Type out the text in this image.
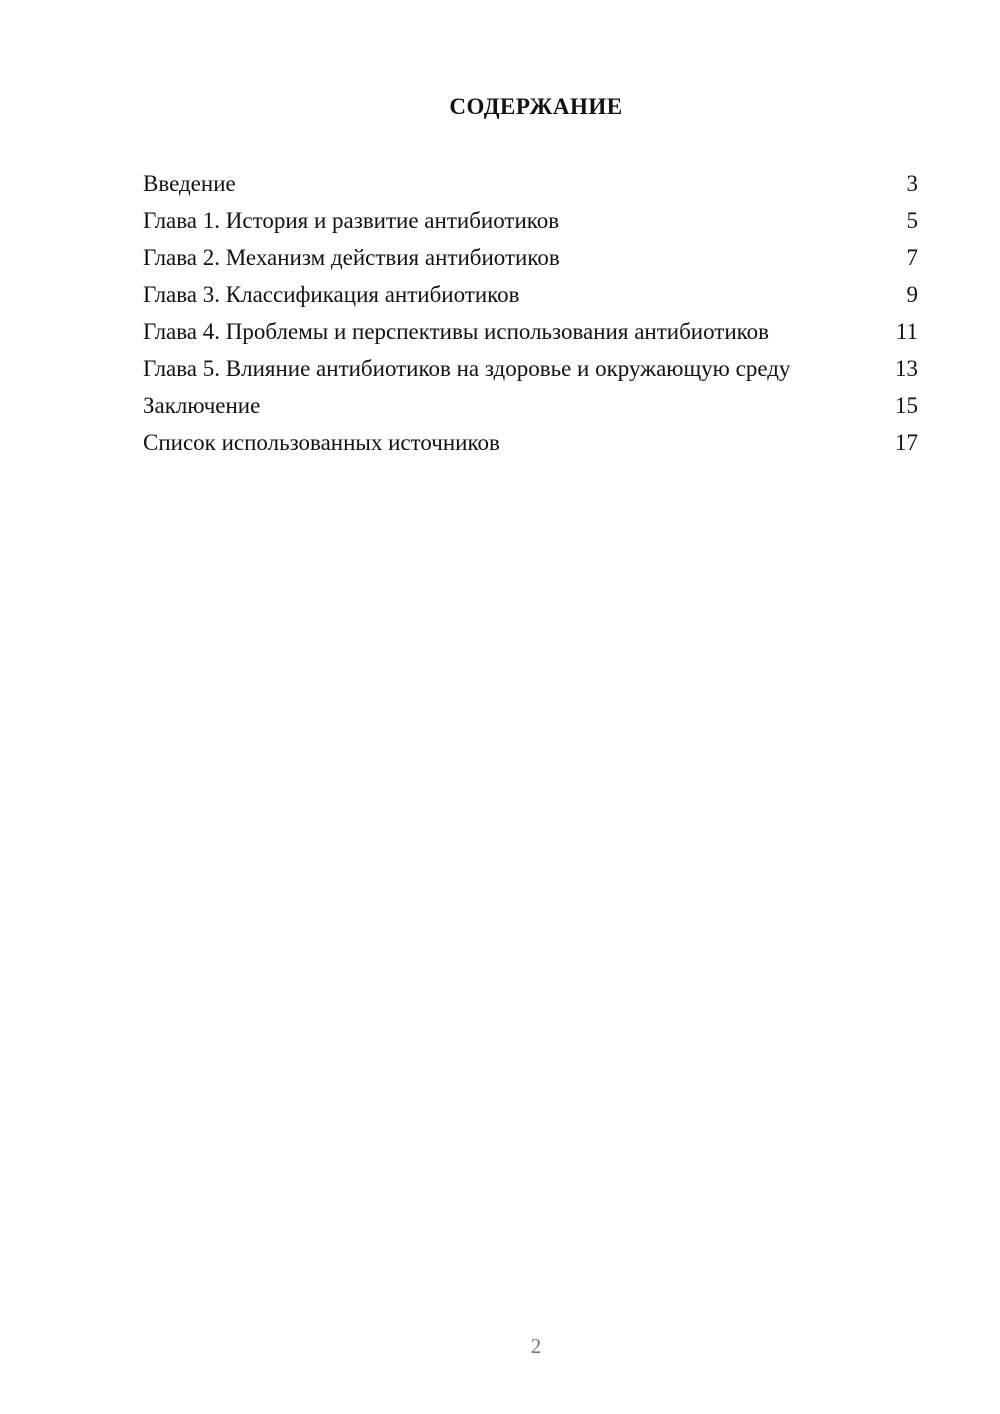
СОДЕРЖАНИЕ
Введение	3
Глава 1. История и развитие антибиотиков	5
Глава 2. Механизм действия антибиотиков	7
Глава 3. Классификация антибиотиков	9
Глава 4. Проблемы и перспективы использования антибиотиков	11
Глава 5. Влияние антибиотиков на здоровье и окружающую среду	13
Заключение	15
Список использованных источников	17

2
